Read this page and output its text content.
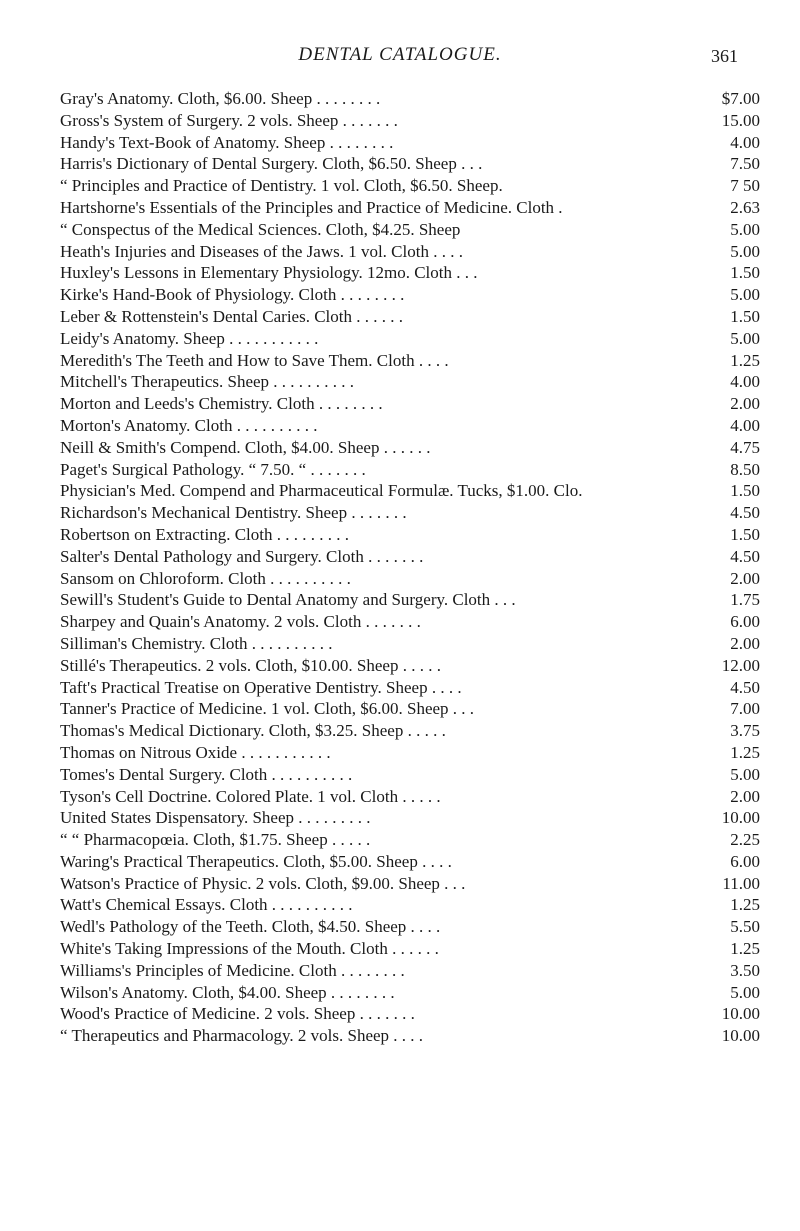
DENTAL CATALOGUE.	361
Gray's Anatomy. Cloth, $6.00. Sheep . . . . . . . .	$7.00
Gross's System of Surgery. 2 vols. Sheep . . . . . . .	15.00
Handy's Text-Book of Anatomy. Sheep . . . . . . . .	4.00
Harris's Dictionary of Dental Surgery. Cloth, $6.50. Sheep . . .	7.50
“ Principles and Practice of Dentistry. 1 vol. Cloth, $6.50. Sheep.	7 50
Hartshorne's Essentials of the Principles and Practice of Medicine. Cloth .	2.63
“ Conspectus of the Medical Sciences. Cloth, $4.25. Sheep	5.00
Heath's Injuries and Diseases of the Jaws. 1 vol. Cloth . . . .	5.00
Huxley's Lessons in Elementary Physiology. 12mo. Cloth . . .	1.50
Kirke's Hand-Book of Physiology. Cloth . . . . . . . .	5.00
Leber & Rottenstein's Dental Caries. Cloth . . . . . .	1.50
Leidy's Anatomy. Sheep . . . . . . . . . . .	5.00
Meredith's The Teeth and How to Save Them. Cloth . . . .	1.25
Mitchell's Therapeutics. Sheep . . . . . . . . . .	4.00
Morton and Leeds's Chemistry. Cloth . . . . . . . .	2.00
Morton's Anatomy. Cloth . . . . . . . . . .	4.00
Neill & Smith's Compend. Cloth, $4.00. Sheep . . . . . .	4.75
Paget's Surgical Pathology. “ 7.50. “ . . . . . . .	8.50
Physician's Med. Compend and Pharmaceutical Formulæ. Tucks, $1.00. Clo.	1.50
Richardson's Mechanical Dentistry. Sheep . . . . . . .	4.50
Robertson on Extracting. Cloth . . . . . . . . .	1.50
Salter's Dental Pathology and Surgery. Cloth . . . . . . .	4.50
Sansom on Chloroform. Cloth . . . . . . . . . .	2.00
Sewill's Student's Guide to Dental Anatomy and Surgery. Cloth . . .	1.75
Sharpey and Quain's Anatomy. 2 vols. Cloth . . . . . . .	6.00
Silliman's Chemistry. Cloth . . . . . . . . . .	2.00
Stillé's Therapeutics. 2 vols. Cloth, $10.00. Sheep . . . . .	12.00
Taft's Practical Treatise on Operative Dentistry. Sheep . . . .	4.50
Tanner's Practice of Medicine. 1 vol. Cloth, $6.00. Sheep . . .	7.00
Thomas's Medical Dictionary. Cloth, $3.25. Sheep . . . . .	3.75
Thomas on Nitrous Oxide . . . . . . . . . . .	1.25
Tomes's Dental Surgery. Cloth . . . . . . . . . .	5.00
Tyson's Cell Doctrine. Colored Plate. 1 vol. Cloth . . . . .	2.00
United States Dispensatory. Sheep . . . . . . . . .	10.00
“ “ Pharmacopœia. Cloth, $1.75. Sheep . . . . .	2.25
Waring's Practical Therapeutics. Cloth, $5.00. Sheep . . . .	6.00
Watson's Practice of Physic. 2 vols. Cloth, $9.00. Sheep . . .	11.00
Watt's Chemical Essays. Cloth . . . . . . . . . .	1.25
Wedl's Pathology of the Teeth. Cloth, $4.50. Sheep . . . .	5.50
White's Taking Impressions of the Mouth. Cloth . . . . . .	1.25
Williams's Principles of Medicine. Cloth . . . . . . . .	3.50
Wilson's Anatomy. Cloth, $4.00. Sheep . . . . . . . .	5.00
Wood's Practice of Medicine. 2 vols. Sheep . . . . . . .	10.00
“ Therapeutics and Pharmacology. 2 vols. Sheep . . . .	10.00
